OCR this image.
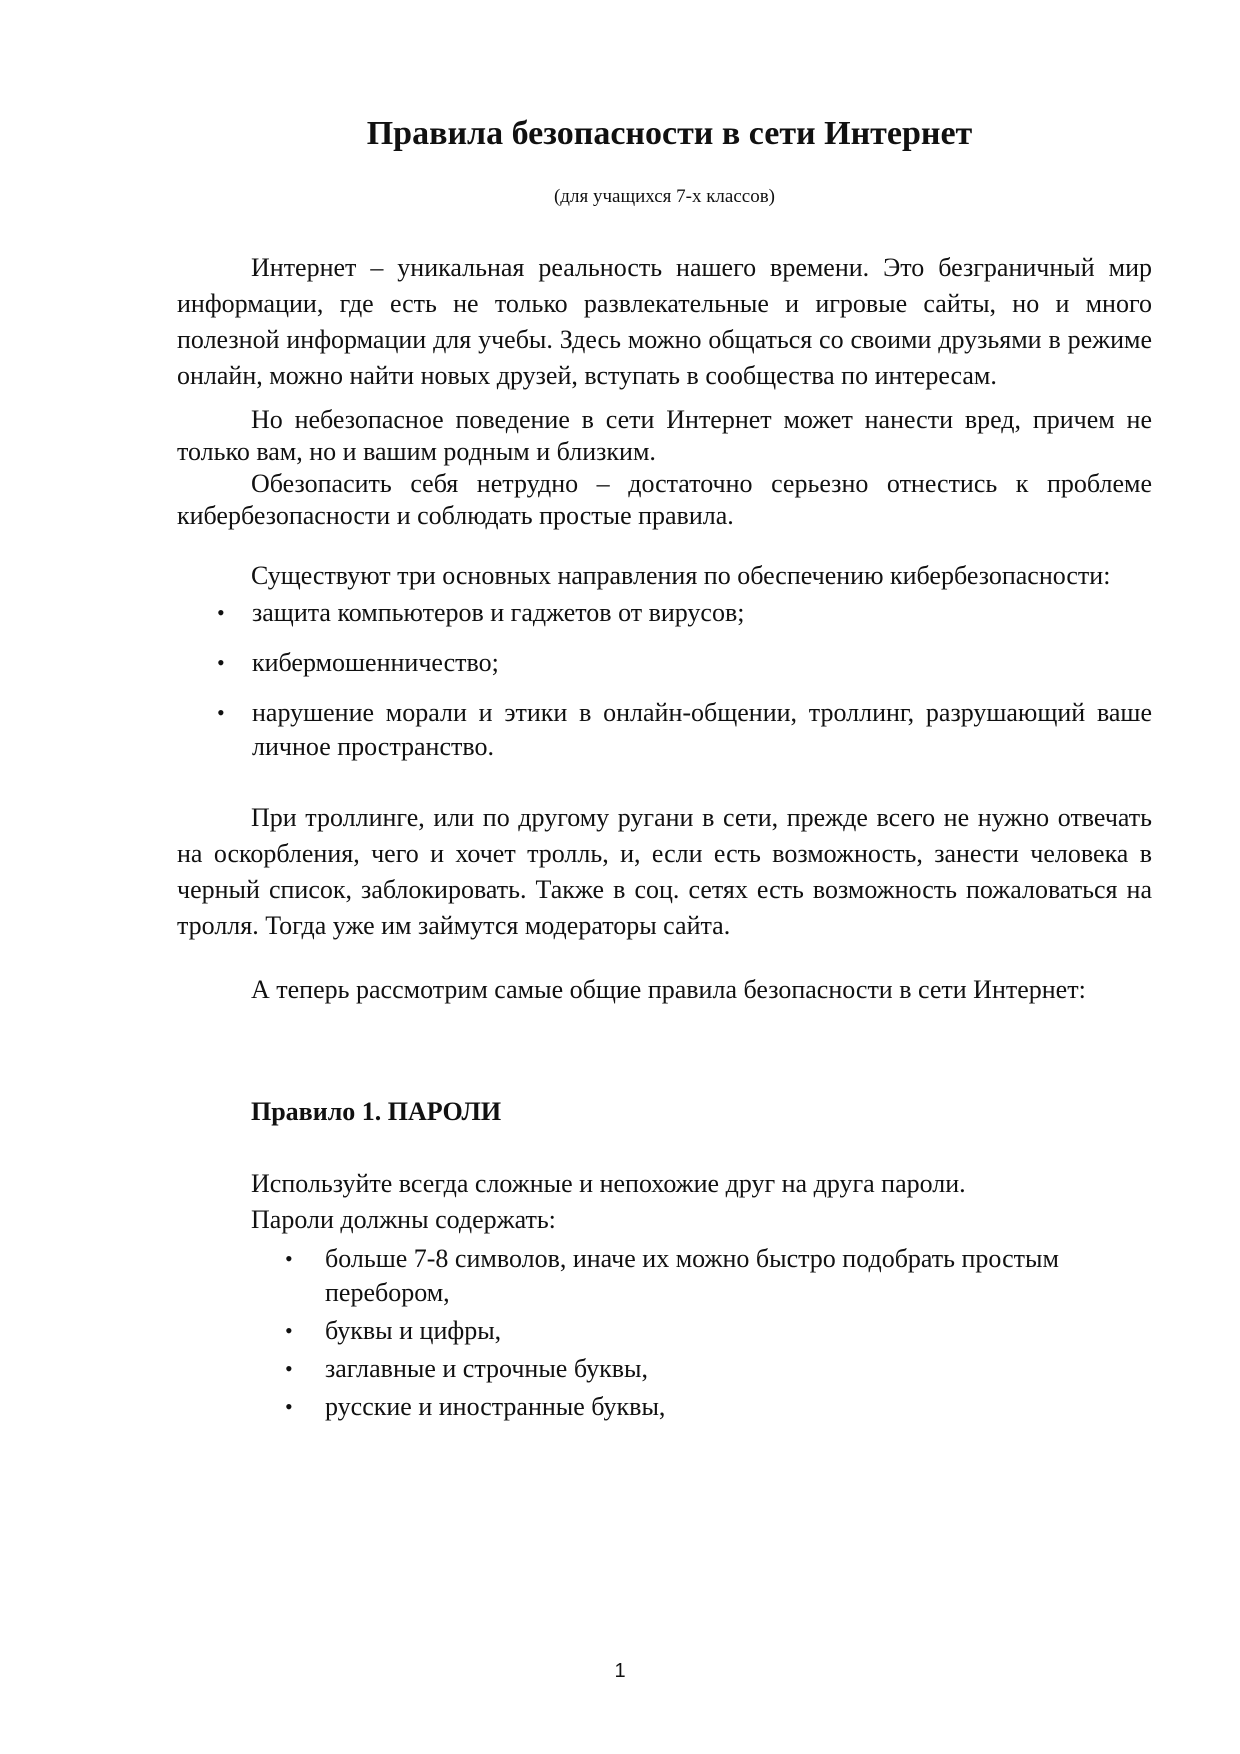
Правила безопасности в сети Интернет
(для учащихся 7-х классов)

Интернет – уникальная реальность нашего времени. Это безграничный мир информации, где есть не только развлекательные и игровые сайты, но и много полезной информации для учебы. Здесь можно общаться со своими друзьями в режиме онлайн, можно найти новых друзей, вступать в сообщества по интересам.

Но небезопасное поведение в сети Интернет может нанести вред, причем не только вам, но и вашим родным и близким.

Обезопасить себя нетрудно – достаточно серьезно отнестись к проблеме кибербезопасности и соблюдать простые правила.

Существуют три основных направления по обеспечению кибербезопасности:

• защита компьютеров и гаджетов от вирусов;
• кибермошенничество;
• нарушение морали и этики в онлайн-общении, троллинг, разрушающий ваше личное пространство.

При троллинге, или по другому ругани в сети, прежде всего не нужно отвечать на оскорбления, чего и хочет тролль, и, если есть возможность, занести человека в черный список, заблокировать. Также в соц. сетях есть возможность пожаловаться на тролля. Тогда уже им займутся модераторы сайта.

А теперь рассмотрим самые общие правила безопасности в сети Интернет:

Правило 1. ПАРОЛИ

Используйте всегда сложные и непохожие друг на друга пароли.

Пароли должны содержать:

• больше 7-8 символов, иначе их можно быстро подобрать простым перебором,
• буквы и цифры,
• заглавные и строчные буквы,
• русские и иностранные буквы,
1
